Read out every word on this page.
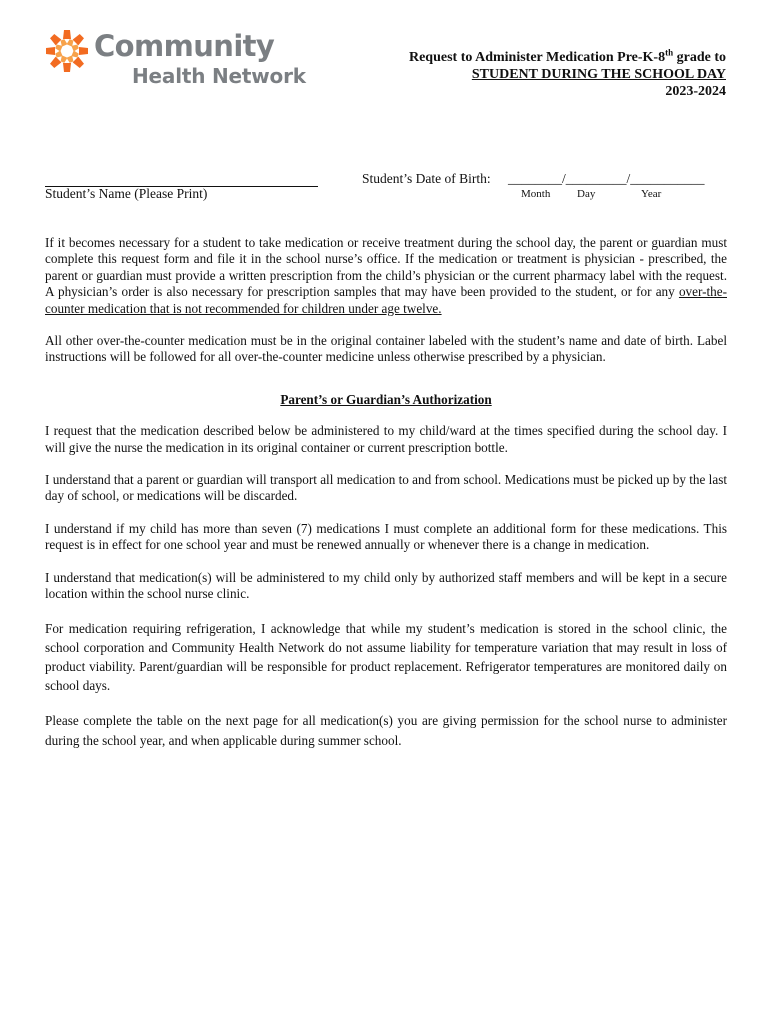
Community
Health Network
Request to Administer Medication Pre-K-8th grade to
STUDENT DURING THE SCHOOL DAY
2023-2024
Student’s Name (Please Print)
Student’s Date of Birth: ________/_________/___________
Month Day	Year

If it becomes necessary for a student to take medication or receive treatment during the school day, the parent or guardian must complete this request form and file it in the school nurse’s office. If the medication or treatment is physician - prescribed, the parent or guardian must provide a written prescription from the child’s physician or the current pharmacy label with the request. A physician’s order is also necessary for prescription samples that may have been provided to the student, or for any over-the-counter medication that is not recommended for children under age twelve.

All other over-the-counter medication must be in the original container labeled with the student’s name and date of birth. Label instructions will be followed for all over-the-counter medicine unless otherwise prescribed by a physician.

Parent’s or Guardian’s Authorization

I request that the medication described below be administered to my child/ward at the times specified during the school day. I will give the nurse the medication in its original container or current prescription bottle.

I understand that a parent or guardian will transport all medication to and from school. Medications must be picked up by the last day of school, or medications will be discarded.

I understand if my child has more than seven (7) medications I must complete an additional form for these medications. This request is in effect for one school year and must be renewed annually or whenever there is a change in medication.

I understand that medication(s) will be administered to my child only by authorized staff members and will be kept in a secure location within the school nurse clinic.

For medication requiring refrigeration, I acknowledge that while my student’s medication is stored in the school clinic, the school corporation and Community Health Network do not assume liability for temperature variation that may result in loss of product viability. Parent/guardian will be responsible for product replacement. Refrigerator temperatures are monitored daily on school days.

Please complete the table on the next page for all medication(s) you are giving permission for the school nurse to administer during the school year, and when applicable during summer school.
